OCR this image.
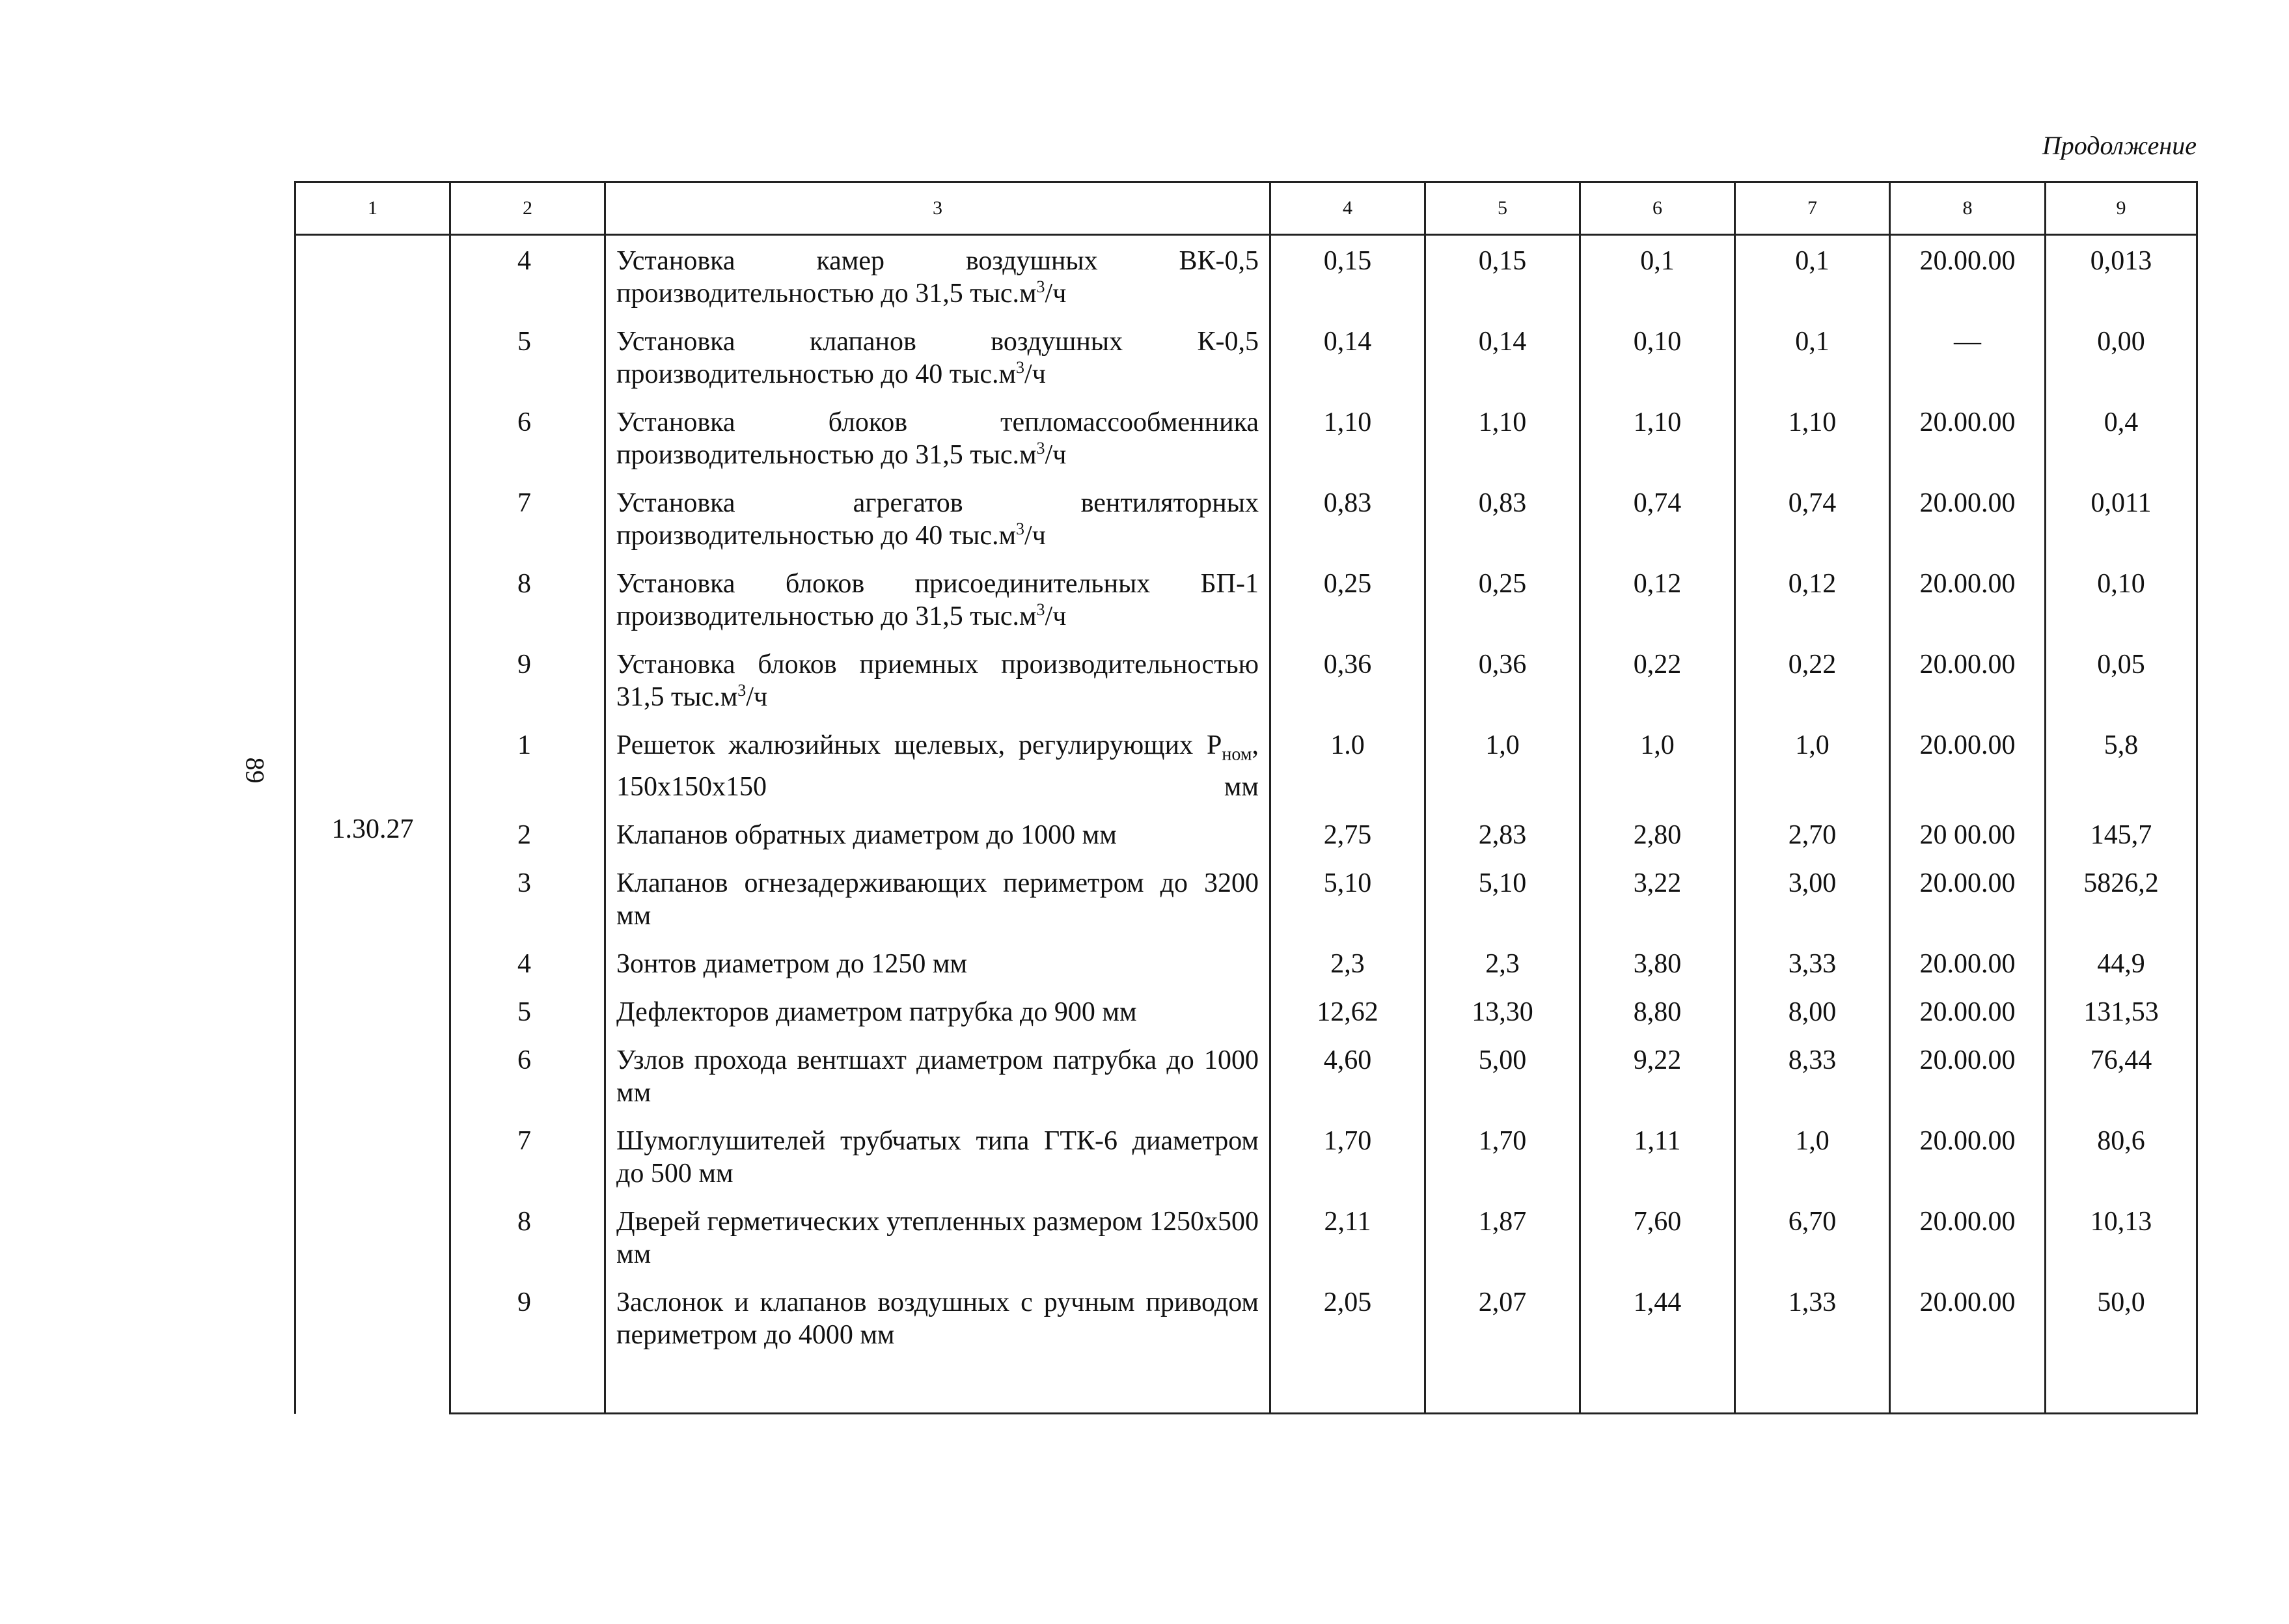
Продолжение
89
1	2	3	4	5	6	7	8	9
1.30.27	4	Установка камер воздушных ВК-0,5 производительностью до 31,5 $тыс.м^3/ч$	0,15	0,15	0,1	0,1	20.00.00	0,013
	5	Установка клапанов воздушных К-0,5 производительностью до 40 $тыс.м^3/ч$	0,14	0,14	0,10	0,1	—	0,00
	6	Установка блоков тепломассообменника производительностью до 31,5 $тыс.м^3/ч$	1,10	1,10	1,10	1,10	20.00.00	0,4
	7	Установка агрегатов вентиляторных производительностью до 40 $тыс.м^3/ч$	0,83	0,83	0,74	0,74	20.00.00	0,011
	8	Установка блоков присоединительных БП-1 производительностью до 31,5 $тыс.м^3/ч$	0,25	0,25	0,12	0,12	20.00.00	0,10
	9	Установка блоков приемных производительностью 31,5 $тыс.м^3/ч$	0,36	0,36	0,22	0,22	20.00.00	0,05
	1	Решеток жалюзийных щелевых, регулирующих $Р_{ном}$, 150x150x150 мм	1.0	1,0	1,0	1,0	20.00.00	5,8
	2	Клапанов обратных диаметром до 1000 мм	2,75	2,83	2,80	2,70	20 00.00	145,7
	3	Клапанов огнезадерживающих периметром до 3200 мм	5,10	5,10	3,22	3,00	20.00.00	5826,2
	4	Зонтов диаметром до 1250 мм	2,3	2,3	3,80	3,33	20.00.00	44,9
	5	Дефлекторов диаметром патрубка до 900 мм	12,62	13,30	8,80	8,00	20.00.00	131,53
	6	Узлов прохода вентшахт диаметром патрубка до 1000 мм	4,60	5,00	9,22	8,33	20.00.00	76,44
	7	Шумоглушителей трубчатых типа ГТК-6 диаметром до 500 мм	1,70	1,70	1,11	1,0	20.00.00	80,6
	8	Дверей герметических утепленных размером 1250x500 мм	2,11	1,87	7,60	6,70	20.00.00	10,13
	9	Заслонок и клапанов воздушных с ручным приводом периметром до 4000 мм	2,05	2,07	1,44	1,33	20.00.00	50,0
